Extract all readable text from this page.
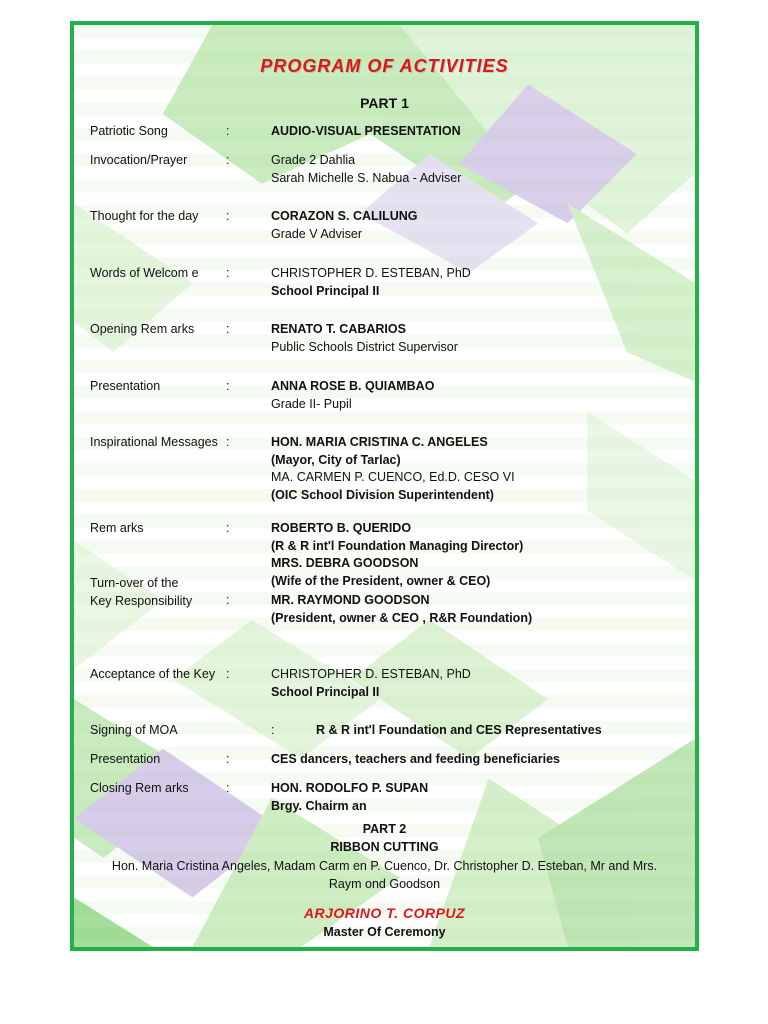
PROGRAM OF ACTIVITIES
PART 1
Patriotic Song	:	AUDIO-VISUAL PRESENTATION
Invocation/Prayer	:	Grade 2 Dahlia
Sarah Michelle S. Nabua - Adviser
Thought for the day	:	CORAZON S. CALILUNG
Grade V Adviser
Words of Welcom e	:	CHRISTOPHER D. ESTEBAN, PhD
School Principal II
Opening Rem arks	:	RENATO T. CABARIOS
Public Schools District Supervisor
Presentation	:	ANNA ROSE B. QUIAMBAO
Grade II- Pupil
Inspirational Messages :	HON. MARIA CRISTINA C. ANGELES
(Mayor, City of Tarlac)
MA. CARMEN P. CUENCO, Ed.D. CESO VI
(OIC School Division Superintendent)
Rem arks	:	ROBERTO B. QUERIDO
(R & R int'l Foundation Managing Director)
MRS. DEBRA GOODSON
(Wife of the President, owner & CEO)
Turn-over of the
Key Responsibility	:	MR. RAYMOND GOODSON
(President, owner & CEO , R&R Foundation)
Acceptance of the Key :	CHRISTOPHER D. ESTEBAN, PhD
School Principal II
Signing of MOA	:	R & R int'l Foundation and CES Representatives
Presentation	:	CES dancers, teachers and feeding beneficiaries
Closing Rem arks	:	HON. RODOLFO P. SUPAN
Brgy. Chairm an
PART 2
RIBBON CUTTING
Hon. Maria Cristina Angeles, Madam Carm en P. Cuenco, Dr. Christopher D. Esteban, Mr and Mrs.
Raym ond Goodson
ARJORINO T. CORPUZ
Master Of Ceremony
